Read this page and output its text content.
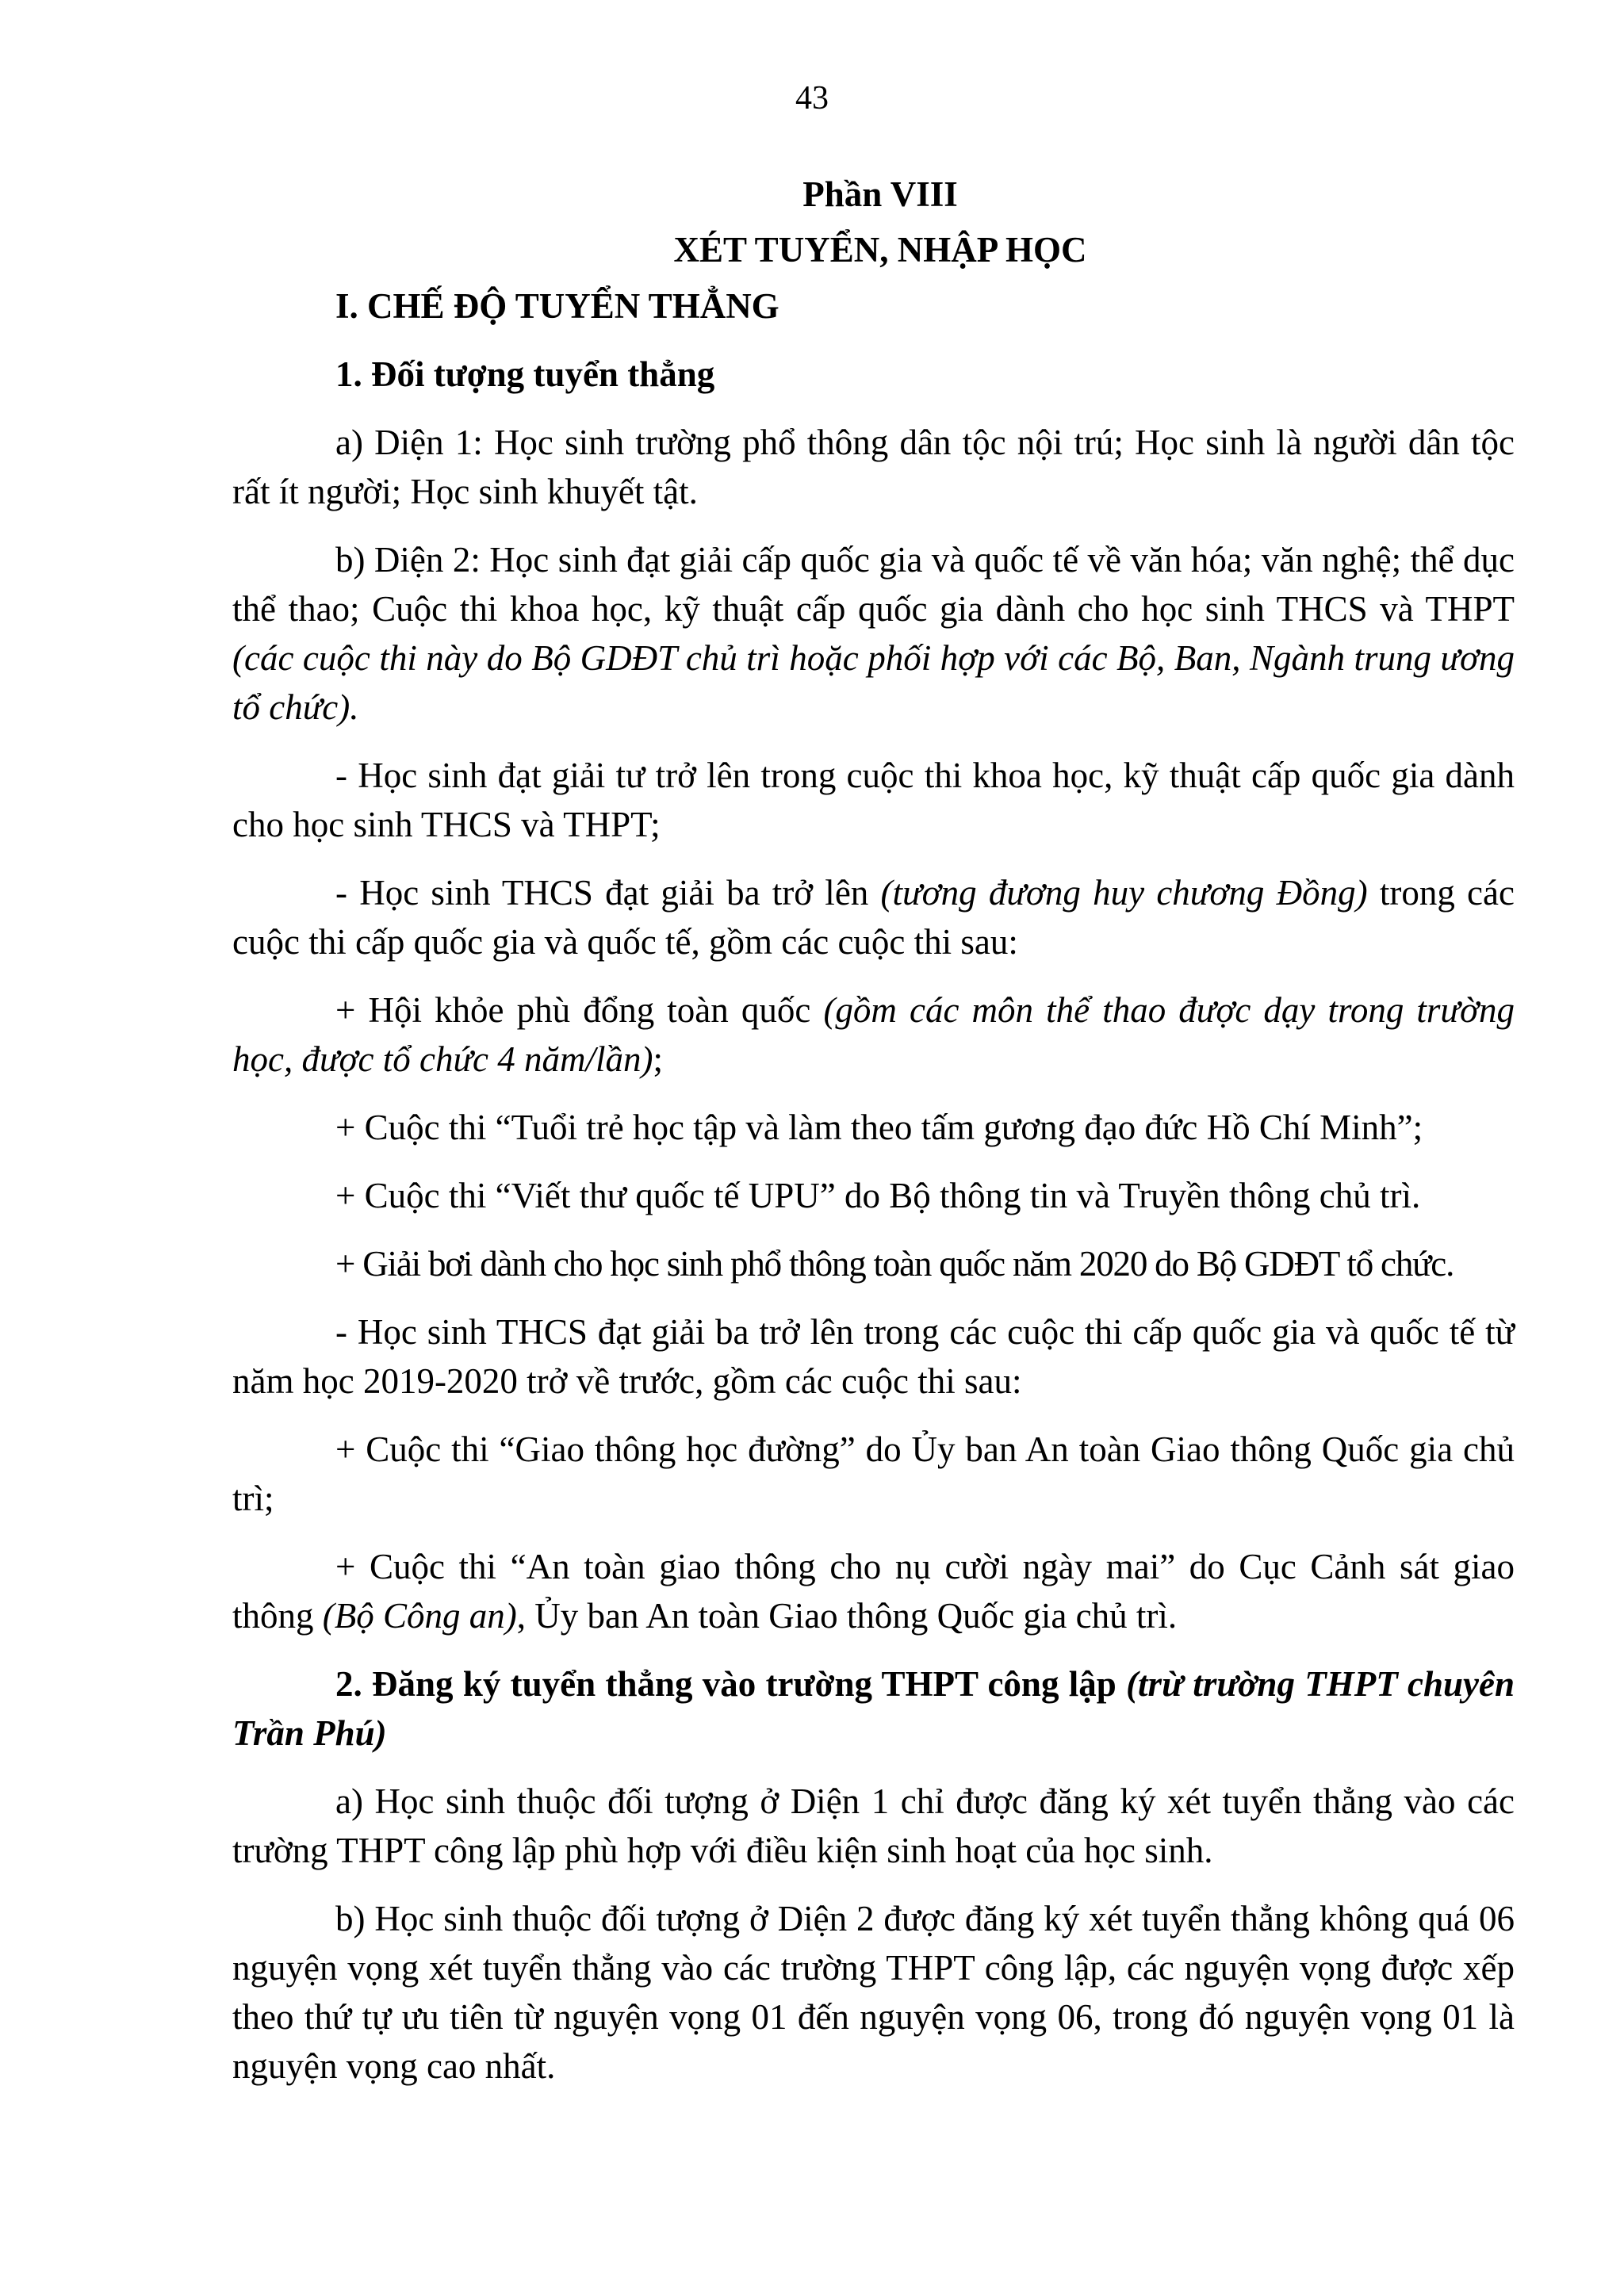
43
Phần VIII
XÉT TUYỂN, NHẬP HỌC
I. CHẾ ĐỘ TUYỂN THẲNG
1. Đối tượng tuyển thẳng
a) Diện 1: Học sinh trường phổ thông dân tộc nội trú; Học sinh là người dân tộc rất ít người; Học sinh khuyết tật.
b) Diện 2: Học sinh đạt giải cấp quốc gia và quốc tế về văn hóa; văn nghệ; thể dục thể thao; Cuộc thi khoa học, kỹ thuật cấp quốc gia dành cho học sinh THCS và THPT (các cuộc thi này do Bộ GDĐT chủ trì hoặc phối hợp với các Bộ, Ban, Ngành trung ương tổ chức).
- Học sinh đạt giải tư trở lên trong cuộc thi khoa học, kỹ thuật cấp quốc gia dành cho học sinh THCS và THPT;
- Học sinh THCS đạt giải ba trở lên (tương đương huy chương Đồng) trong các cuộc thi cấp quốc gia và quốc tế, gồm các cuộc thi sau:
+ Hội khỏe phù đổng toàn quốc (gồm các môn thể thao được dạy trong trường học, được tổ chức 4 năm/lần);
+ Cuộc thi “Tuổi trẻ học tập và làm theo tấm gương đạo đức Hồ Chí Minh”;
+ Cuộc thi “Viết thư quốc tế UPU” do Bộ thông tin và Truyền thông chủ trì.
+ Giải bơi dành cho học sinh phổ thông toàn quốc năm 2020 do Bộ GDĐT tổ chức.
- Học sinh THCS đạt giải ba trở lên trong các cuộc thi cấp quốc gia và quốc tế từ năm học 2019-2020 trở về trước, gồm các cuộc thi sau:
+ Cuộc thi “Giao thông học đường” do Ủy ban An toàn Giao thông Quốc gia chủ trì;
+ Cuộc thi “An toàn giao thông cho nụ cười ngày mai” do Cục Cảnh sát giao thông (Bộ Công an), Ủy ban An toàn Giao thông Quốc gia chủ trì.
2. Đăng ký tuyển thẳng vào trường THPT công lập (trừ trường THPT chuyên Trần Phú)
a) Học sinh thuộc đối tượng ở Diện 1 chỉ được đăng ký xét tuyển thẳng vào các trường THPT công lập phù hợp với điều kiện sinh hoạt của học sinh.
b) Học sinh thuộc đối tượng ở Diện 2 được đăng ký xét tuyển thẳng không quá 06 nguyện vọng xét tuyển thẳng vào các trường THPT công lập, các nguyện vọng được xếp theo thứ tự ưu tiên từ nguyện vọng 01 đến nguyện vọng 06, trong đó nguyện vọng 01 là nguyện vọng cao nhất.
